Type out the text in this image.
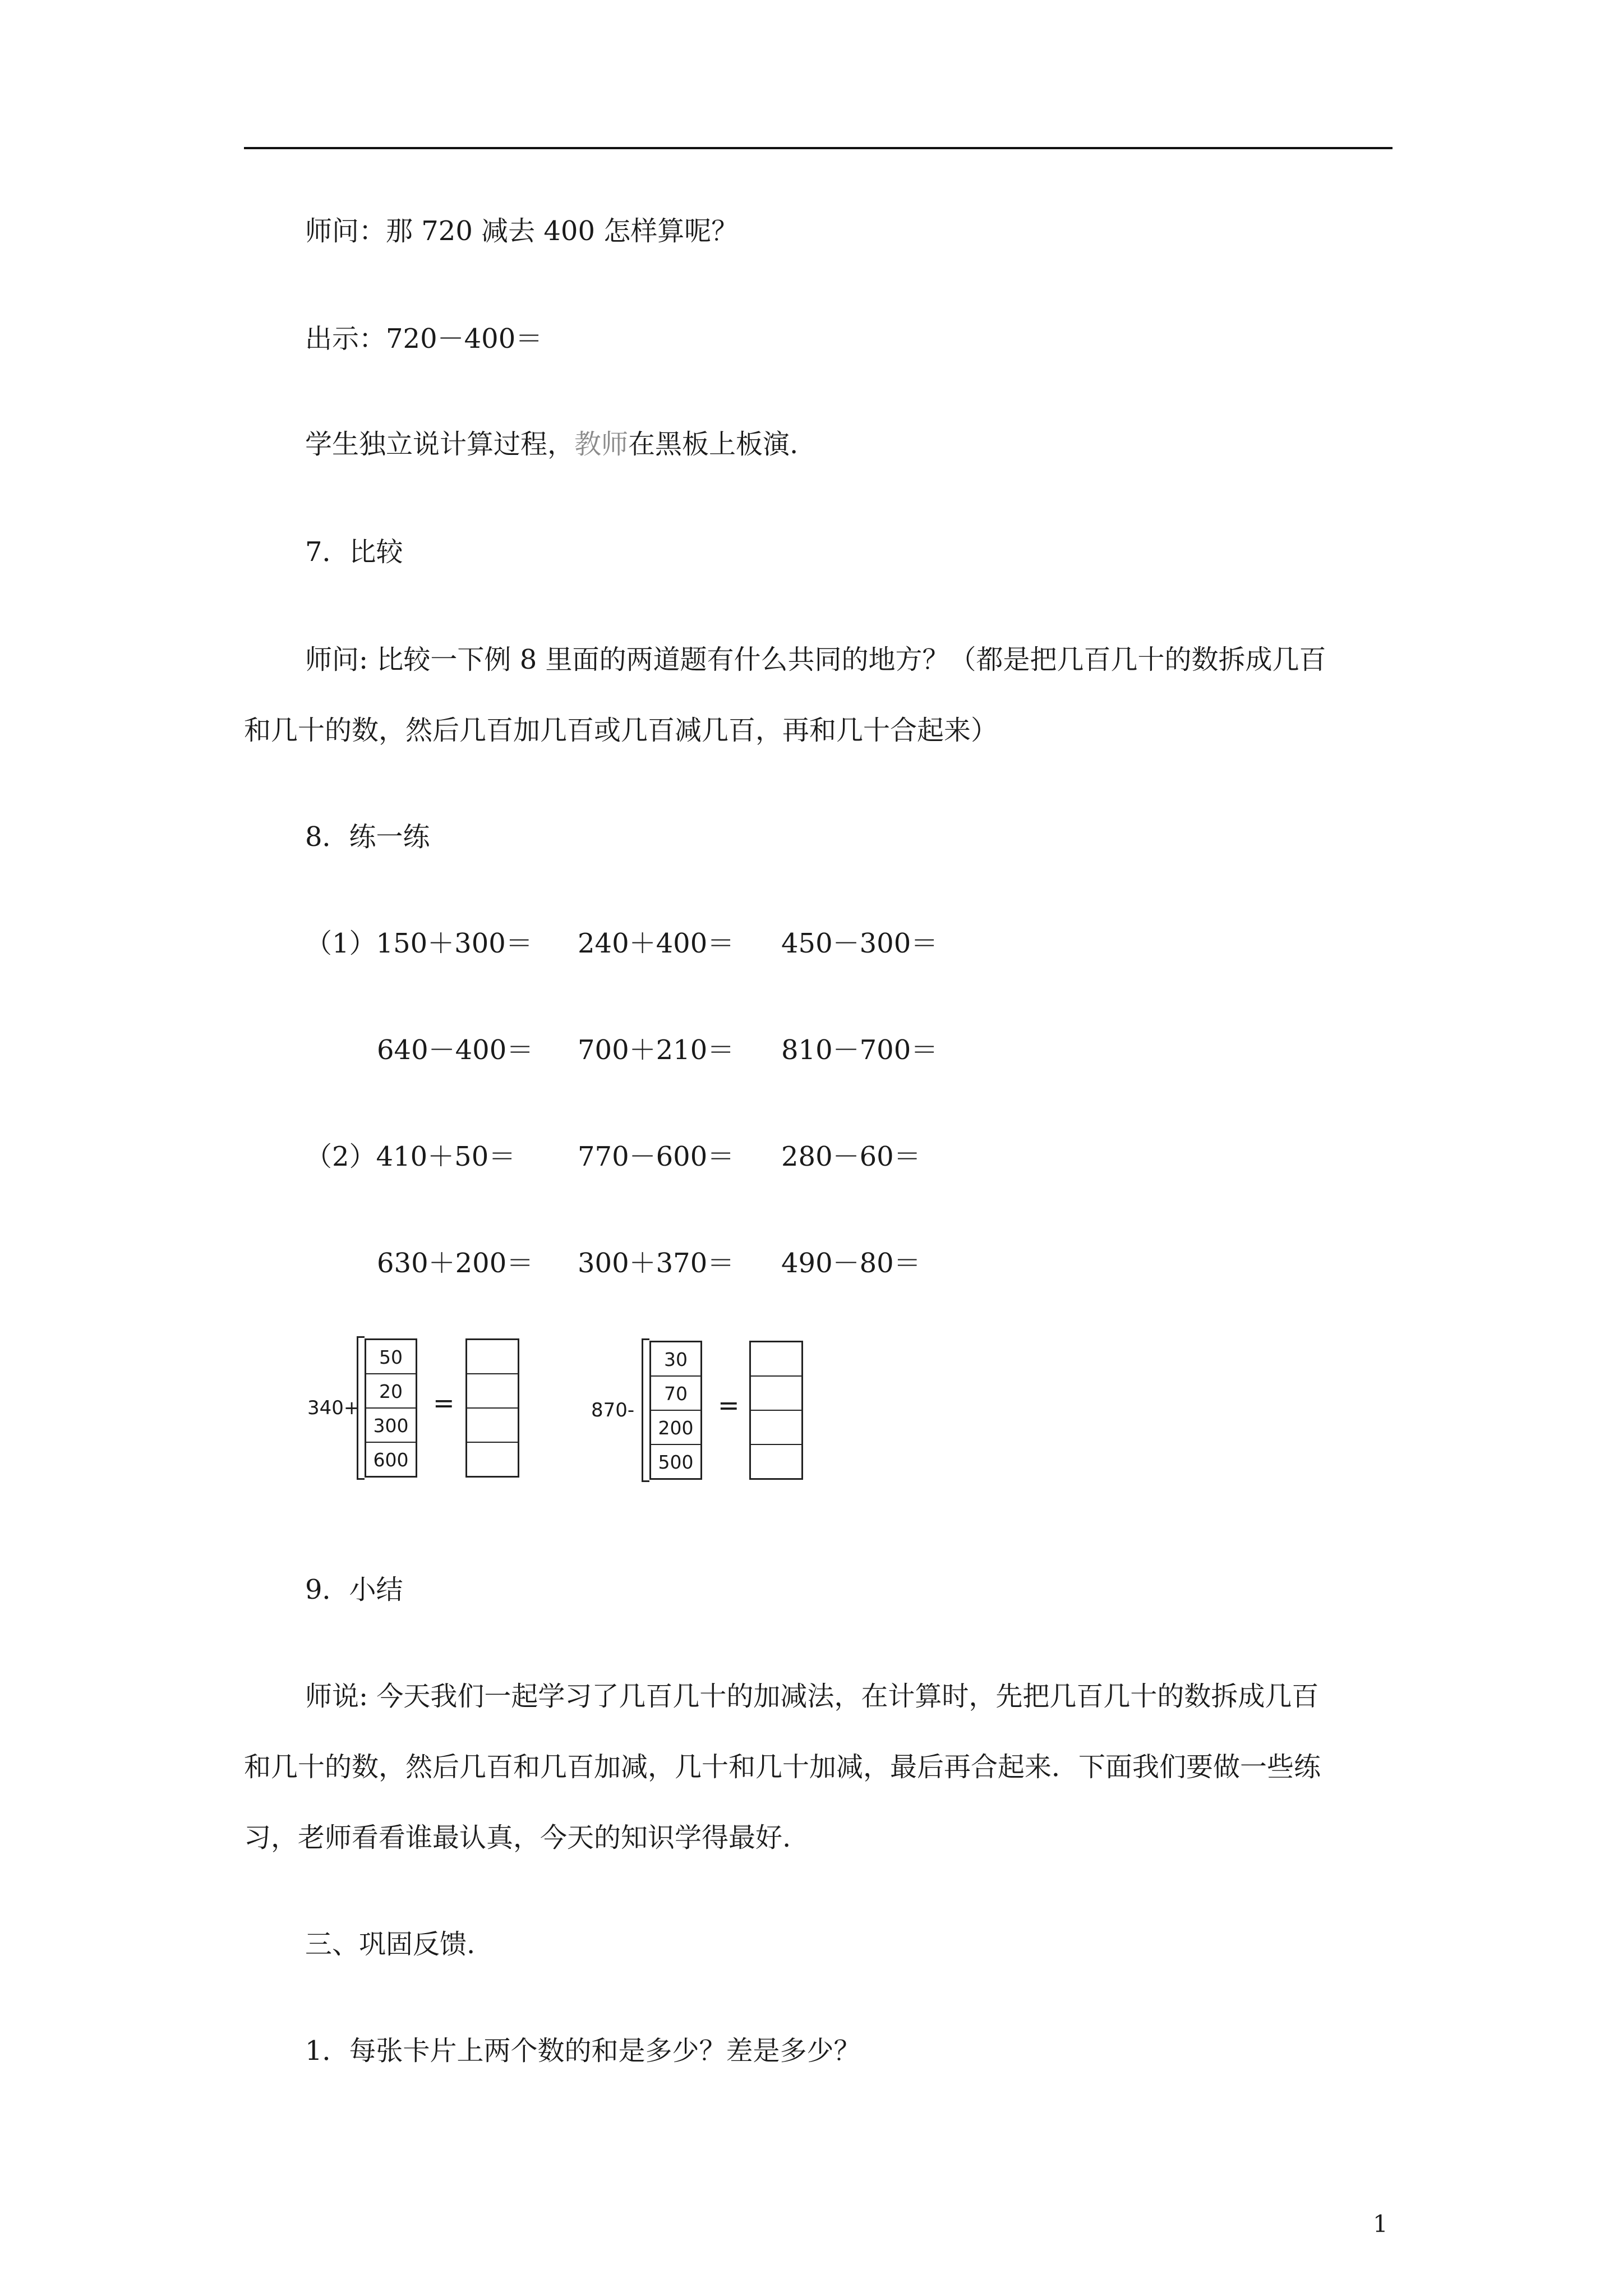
师问：那 720 减去 400 怎样算呢？
出示：720－400＝
学生独立说计算过程，教师在黑板上板演.
7．比较
师问: 比较一下例 8 里面的两道题有什么共同的地方？（都是把几百几十的数拆成几百
和几十的数，然后几百加几百或几百减几百，再和几十合起来）
8．练一练
（1）150＋300＝ 240＋400＝ 450－300＝
640－400＝ 700＋210＝ 810－700＝
（2）410＋50＝ 770－600＝ 280－60＝
630＋200＝ 300＋370＝ 490－80＝
340+
50
20
300
600
=	870-
30
70
200
500
=
9．小结
师说: 今天我们一起学习了几百几十的加减法，在计算时，先把几百几十的数拆成几百
和几十的数，然后几百和几百加减，几十和几十加减，最后再合起来．下面我们要做一些练
习，老师看看谁最认真，今天的知识学得最好.
三、巩固反馈.
1．每张卡片上两个数的和是多少？差是多少？
1
